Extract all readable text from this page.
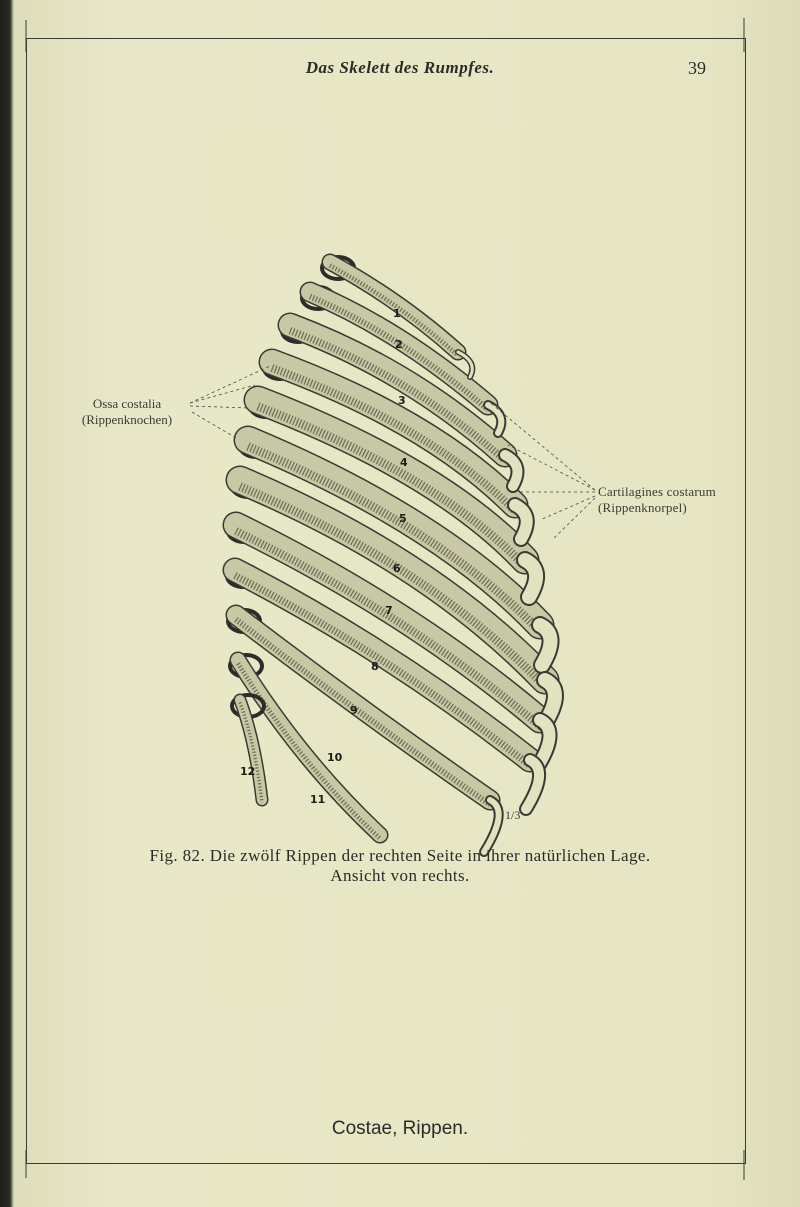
Das Skelett des Rumpfes.	39
1
2
3
4
5
6
7
8
9
10
11
12
Ossa costalia
(Rippenknochen)
Cartilagines costarum
(Rippenknorpel)
1/3
Fig. 82. Die zwölf Rippen der rechten Seite in ihrer natürlichen Lage.
Ansicht von rechts.
Costae, Rippen.
